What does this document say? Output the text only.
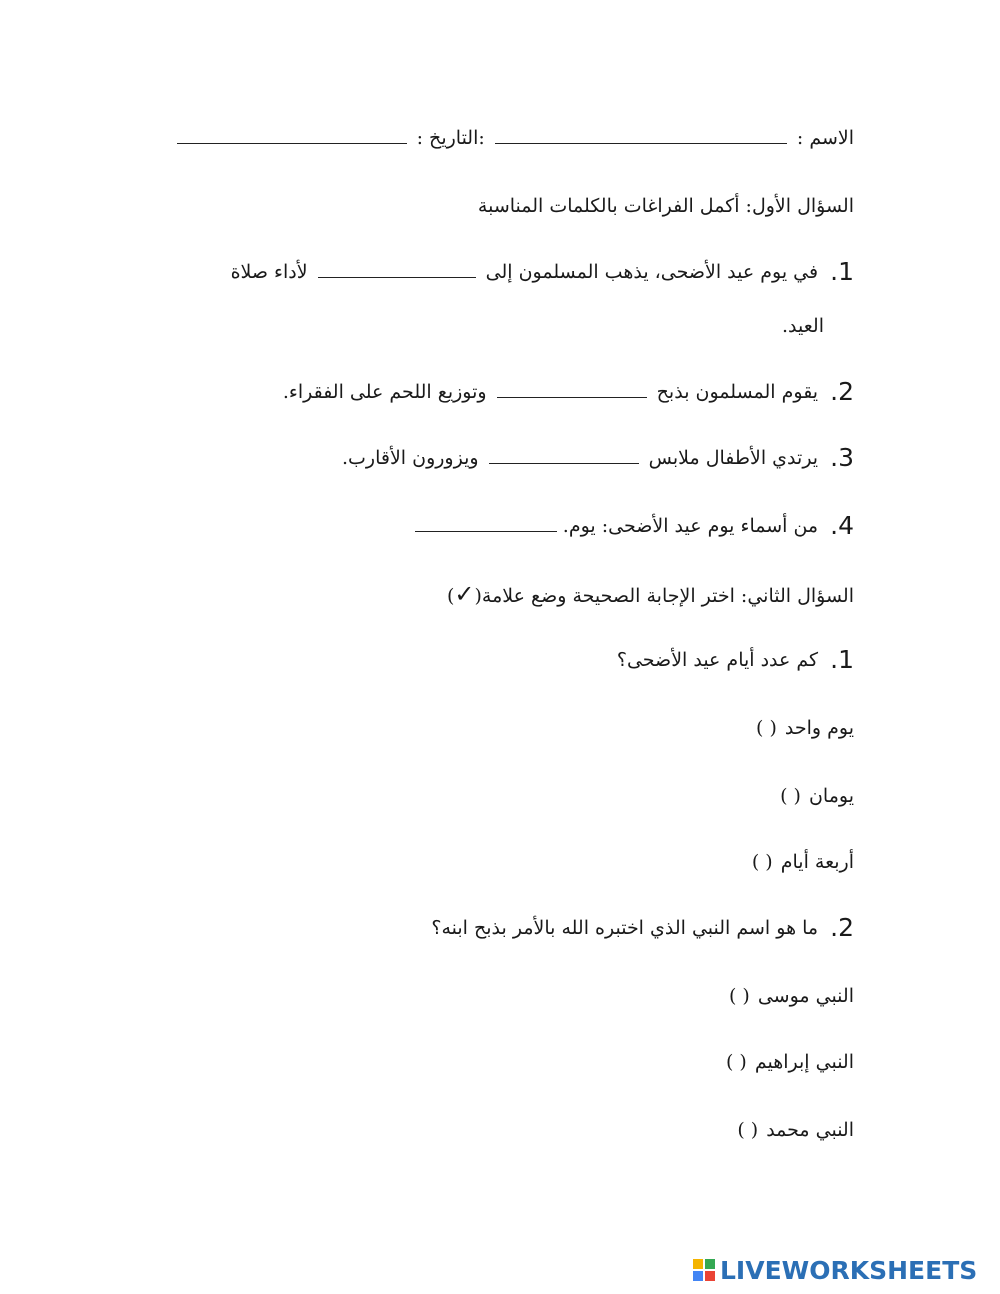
الاسم :  :التاريخ :
السؤال الأول: أكمل الفراغات بالكلمات المناسبة
1. في يوم عيد الأضحى، يذهب المسلمون إلى  لأداء صلاة
العيد.
2. يقوم المسلمون بذبح  وتوزيع اللحم على الفقراء.
3. يرتدي الأطفال ملابس  ويزورون الأقارب.
4. من أسماء يوم عيد الأضحى: يوم.
السؤال الثاني: اختر الإجابة الصحيحة وضع علامة(✓)
1. كم عدد أيام عيد الأضحى؟
يوم واحد( )
يومان( )
أربعة أيام( )
2. ما هو اسم النبي الذي اختبره الله بالأمر بذبح ابنه؟
النبي موسى( )
النبي إبراهيم( )
النبي محمد( )
LIVEWORKSHEETS
